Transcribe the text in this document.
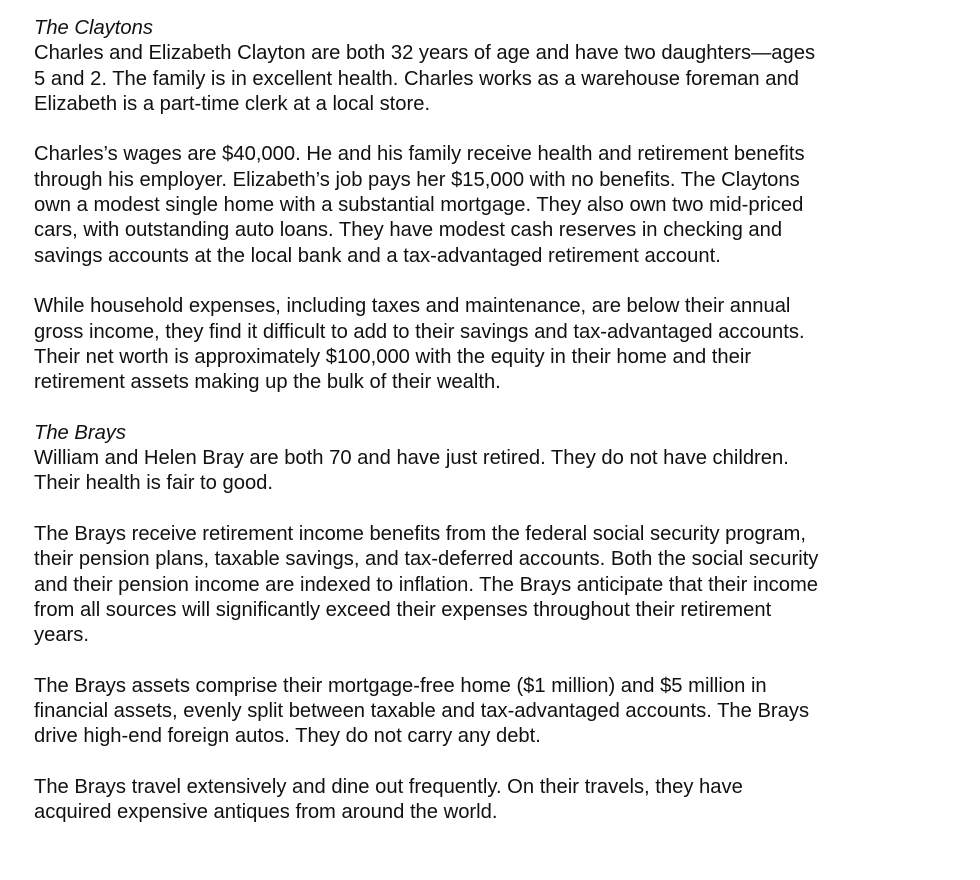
The Claytons

Charles and Elizabeth Clayton are both 32 years of age and have two daughters—ages
5 and 2. The family is in excellent health. Charles works as a warehouse foreman and
Elizabeth is a part-time clerk at a local store.

Charles’s wages are $40,000. He and his family receive health and retirement benefits
through his employer. Elizabeth’s job pays her $15,000 with no benefits. The Claytons
own a modest single home with a substantial mortgage. They also own two mid-priced
cars, with outstanding auto loans. They have modest cash reserves in checking and
savings accounts at the local bank and a tax-advantaged retirement account.

While household expenses, including taxes and maintenance, are below their annual
gross income, they find it difficult to add to their savings and tax-advantaged accounts.
Their net worth is approximately $100,000 with the equity in their home and their
retirement assets making up the bulk of their wealth.

The Brays

William and Helen Bray are both 70 and have just retired. They do not have children.
Their health is fair to good.

The Brays receive retirement income benefits from the federal social security program,
their pension plans, taxable savings, and tax-deferred accounts. Both the social security
and their pension income are indexed to inflation. The Brays anticipate that their income
from all sources will significantly exceed their expenses throughout their retirement
years.

The Brays assets comprise their mortgage-free home ($1 million) and $5 million in
financial assets, evenly split between taxable and tax-advantaged accounts. The Brays
drive high-end foreign autos. They do not carry any debt.

The Brays travel extensively and dine out frequently. On their travels, they have
acquired expensive antiques from around the world.
